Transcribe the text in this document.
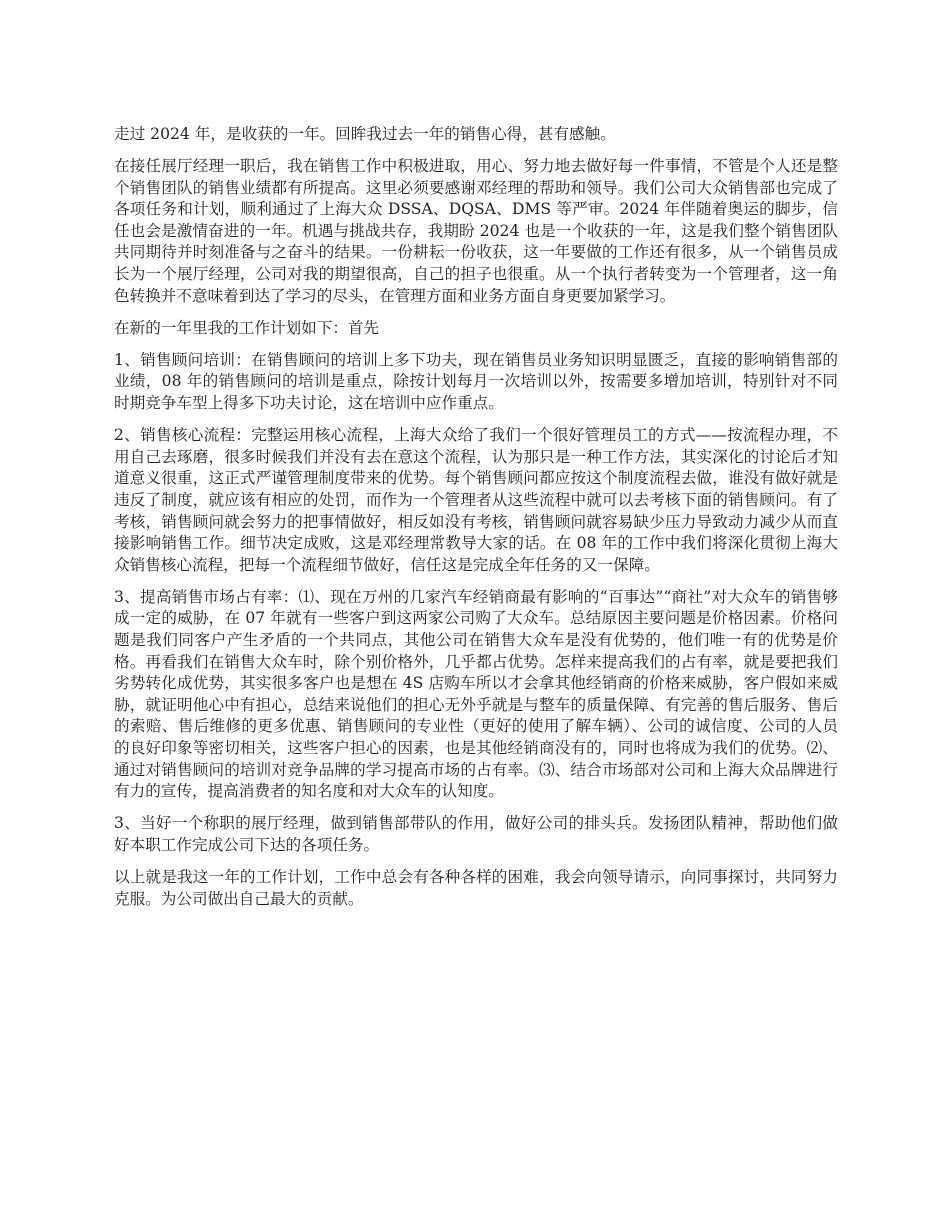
走过 2024 年，是收获的一年。回眸我过去一年的销售心得，甚有感触。

在接任展厅经理一职后，我在销售工作中积极进取，用心、努力地去做好每一件事情，不管是个人还是整个销售团队的销售业绩都有所提高。这里必须要感谢邓经理的帮助和领导。我们公司大众销售部也完成了各项任务和计划，顺利通过了上海大众 DSSA、DQSA、DMS 等严审。2024 年伴随着奥运的脚步，信任也会是激情奋进的一年。机遇与挑战共存，我期盼 2024 也是一个收获的一年，这是我们整个销售团队共同期待并时刻准备与之奋斗的结果。一份耕耘一份收获，这一年要做的工作还有很多，从一个销售员成长为一个展厅经理，公司对我的期望很高，自己的担子也很重。从一个执行者转变为一个管理者，这一角色转换并不意味着到达了学习的尽头，在管理方面和业务方面自身更要加紧学习。

在新的一年里我的工作计划如下：首先

1、销售顾问培训：在销售顾问的培训上多下功夫，现在销售员业务知识明显匮乏，直接的影响销售部的业绩，08 年的销售顾问的培训是重点，除按计划每月一次培训以外，按需要多增加培训，特别针对不同时期竞争车型上得多下功夫讨论，这在培训中应作重点。

2、销售核心流程：完整运用核心流程，上海大众给了我们一个很好管理员工的方式——按流程办理，不用自己去琢磨，很多时候我们并没有去在意这个流程，认为那只是一种工作方法，其实深化的讨论后才知道意义很重，这正式严谨管理制度带来的优势。每个销售顾问都应按这个制度流程去做，谁没有做好就是违反了制度，就应该有相应的处罚，而作为一个管理者从这些流程中就可以去考核下面的销售顾问。有了考核，销售顾问就会努力的把事情做好，相反如没有考核，销售顾问就容易缺少压力导致动力减少从而直接影响销售工作。细节决定成败，这是邓经理常教导大家的话。在 08 年的工作中我们将深化贯彻上海大众销售核心流程，把每一个流程细节做好，信任这是完成全年任务的又一保障。

3、提高销售市场占有率：⑴、现在万州的几家汽车经销商最有影响的“百事达”“商社”对大众车的销售够成一定的威胁，在 07 年就有一些客户到这两家公司购了大众车。总结原因主要问题是价格因素。价格问题是我们同客户产生矛盾的一个共同点，其他公司在销售大众车是没有优势的，他们唯一有的优势是价格。再看我们在销售大众车时，除个别价格外，几乎都占优势。怎样来提高我们的占有率，就是要把我们劣势转化成优势，其实很多客户也是想在 4S 店购车所以才会拿其他经销商的价格来威胁，客户假如来威胁，就证明他心中有担心，总结来说他们的担心无外乎就是与整车的质量保障、有完善的售后服务、售后的索赔、售后维修的更多优惠、销售顾问的专业性（更好的使用了解车辆）、公司的诚信度、公司的人员的良好印象等密切相关，这些客户担心的因素，也是其他经销商没有的，同时也将成为我们的优势。⑵、通过对销售顾问的培训对竞争品牌的学习提高市场的占有率。⑶、结合市场部对公司和上海大众品牌进行有力的宣传，提高消费者的知名度和对大众车的认知度。

3、当好一个称职的展厅经理，做到销售部带队的作用，做好公司的排头兵。发扬团队精神，帮助他们做好本职工作完成公司下达的各项任务。

以上就是我这一年的工作计划，工作中总会有各种各样的困难，我会向领导请示，向同事探讨，共同努力克服。为公司做出自己最大的贡献。
